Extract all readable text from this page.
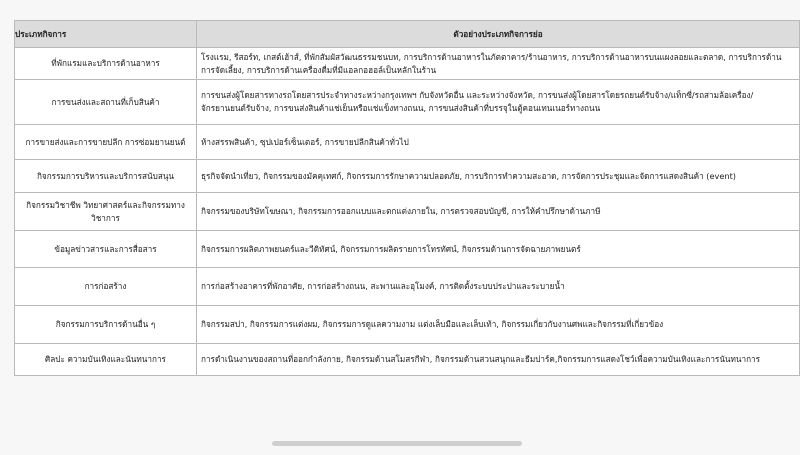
ประเภทกิจการ	ตัวอย่างประเภทกิจการย่อ
ที่พักแรมและบริการด้านอาหาร	โรงแรม, รีสอร์ท, เกสต์เฮ้าส์, ที่พักสัมผัสวัฒนธรรมชนบท, การบริการด้านอาหารในภัตตาคาร/ร้านอาหาร, การบริการด้านอาหารบนแผงลอยและตลาด, การบริการด้าน
การจัดเลี้ยง, การบริการด้านเครื่องดื่มที่มีแอลกอฮอล์เป็นหลักในร้าน

การขนส่งและสถานที่เก็บสินค้า	การขนส่งผู้โดยสารทางรถโดยสารประจำทางระหว่างกรุงเทพฯ กับจังหวัดอื่น และระหว่างจังหวัด, การขนส่งผู้โดยสารโดยรถยนต์รับจ้าง/แท็กซี่/รถสามล้อเครื่อง/
จักรยานยนต์รับจ้าง, การขนส่งสินค้าแช่เย็นหรือแช่แข็งทางถนน, การขนส่งสินค้าที่บรรจุในตู้คอนเทนเนอร์ทางถนน

การขายส่งและการขายปลีก การซ่อมยานยนต์	ห้างสรรพสินค้า, ซุปเปอร์เซ็นเตอร์, การขายปลีกสินค้าทั่วไป

กิจกรรมการบริหารและบริการสนับสนุน	ธุรกิจจัดนำเที่ยว, กิจกรรมของมัคคุเทศก์, กิจกรรมการรักษาความปลอดภัย, การบริการทำความสะอาด, การจัดการประชุมและจัดการแสดงสินค้า (event)

กิจกรรมวิชาชีพ วิทยาศาสตร์และกิจกรรมทาง
วิชาการ	กิจกรรมของบริษัทโฆษณา, กิจกรรมการออกแบบและตกแต่งภายใน, การตรวจสอบบัญชี, การให้คำปรึกษาด้านภาษี

ข้อมูลข่าวสารและการสื่อสาร	กิจกรรมการผลิตภาพยนตร์และวีดิทัศน์, กิจกรรมการผลิตรายการโทรทัศน์, กิจกรรมด้านการจัดฉายภาพยนตร์

การก่อสร้าง	การก่อสร้างอาคารที่พักอาศัย, การก่อสร้างถนน, สะพานและอุโมงค์, การติดตั้งระบบประปาและระบายน้ำ

กิจกรรมการบริการด้านอื่น ๆ	กิจกรรมสปา, กิจกรรมการแต่งผม, กิจกรรมการดูแลความงาม แต่งเล็บมือและเล็บเท้า, กิจกรรมเกี่ยวกับงานศพและกิจกรรมที่เกี่ยวข้อง

ศิลปะ ความบันเทิงและนันทนาการ	การดำเนินงานของสถานที่ออกกำลังกาย, กิจกรรมด้านสโมสรกีฬา, กิจกรรมด้านสวนสนุกและธีมปาร์ค,กิจกรรมการแสดงโชว์เพื่อความบันเทิงและการนันทนาการ
